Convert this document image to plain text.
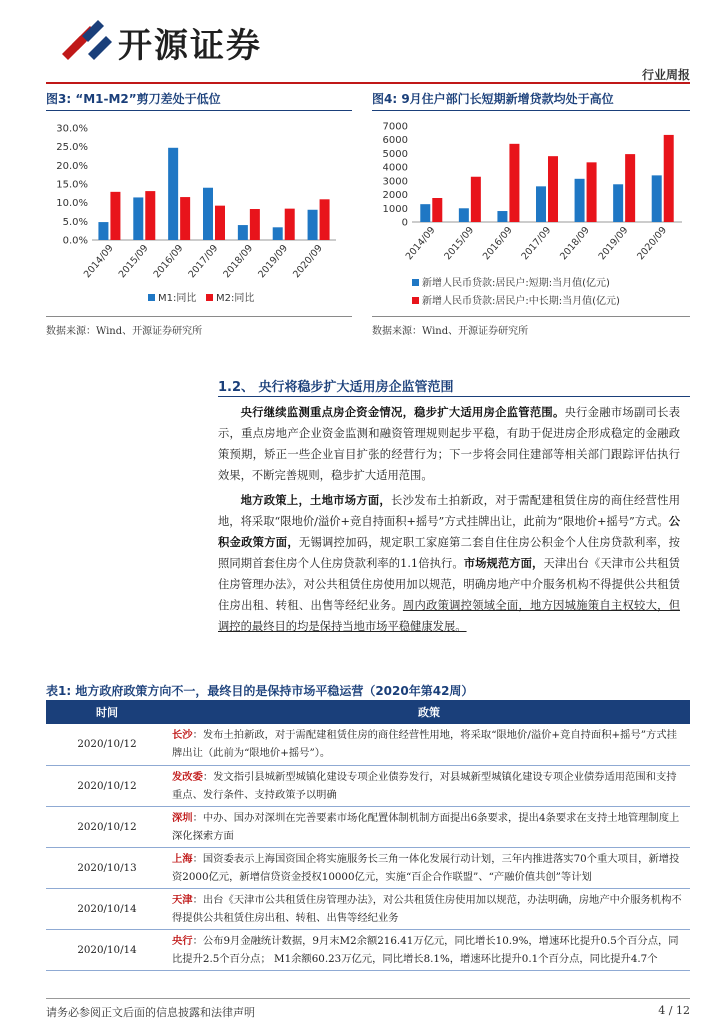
开源证券
行业周报
图3: “M1-M2”剪刀差处于低位
30.0%
25.0%
20.0%
15.0%
10.0%
5.0%
0.0%
2014/09 2015/09 2016/09 2017/09 2018/09 2019/09 2020/09
M1:同比 M2:同比
数据来源：Wind、开源证券研究所
图4: 9月住户部门长短期新增贷款均处于高位
7000
6000
5000
4000
3000
2000
1000
0
2014/09 2015/09 2016/09 2017/09 2018/09 2019/09 2020/09
新增人民币贷款:居民户:短期:当月值(亿元)
新增人民币贷款:居民户:中长期:当月值(亿元)
数据来源：Wind、开源证券研究所
1.2、 央行将稳步扩大适用房企监管范围
央行继续监测重点房企资金情况，稳步扩大适用房企监管范围。央行金融市场副司长表示，重点房地产企业资金监测和融资管理规则起步平稳，有助于促进房企形成稳定的金融政策预期，矫正一些企业盲目扩张的经营行为；下一步将会同住建部等相关部门跟踪评估执行效果，不断完善规则，稳步扩大适用范围。
地方政策上，土地市场方面，长沙发布土拍新政，对于需配建租赁住房的商住经营性用地，将采取“限地价/溢价+竞自持面积+摇号”方式挂牌出让，此前为“限地价+摇号”方式。公积金政策方面，无锡调控加码，规定职工家庭第二套自住住房公积金个人住房贷款利率，按照同期首套住房个人住房贷款利率的1.1倍执行。市场规范方面，天津出台《天津市公共租赁住房管理办法》，对公共租赁住房使用加以规范，明确房地产中介服务机构不得提供公共租赁住房出租、转租、出售等经纪业务。周内政策调控领域全面，地方因城施策自主权较大，但调控的最终目的均是保持当地市场平稳健康发展。
表1: 地方政府政策方向不一，最终目的是保持市场平稳运营（2020年第42周）
时间	政策
2020/10/12	长沙：发布土拍新政，对于需配建租赁住房的商住经营性用地，将采取“限地价/溢价+竞自持面积+摇号”方式挂牌出让（此前为“限地价+摇号”）。
2020/10/12	发改委：发文指引县城新型城镇化建设专项企业债券发行，对县城新型城镇化建设专项企业债券适用范围和支持重点、发行条件、支持政策予以明确
2020/10/12	深圳：中办、国办对深圳在完善要素市场化配置体制机制方面提出6条要求，提出4条要求在支持土地管理制度上深化探索方面
2020/10/13	上海：国资委表示上海国资国企将实施服务长三角一体化发展行动计划，三年内推进落实70个重大项目，新增投资2000亿元，新增信贷资金授权10000亿元，实施“百企合作联盟”、“产融价值共创”等计划
2020/10/14	天津：出台《天津市公共租赁住房管理办法》，对公共租赁住房使用加以规范，办法明确，房地产中介服务机构不得提供公共租赁住房出租、转租、出售等经纪业务
2020/10/14	央行：公布9月金融统计数据，9月末M2余额216.41万亿元，同比增长10.9%，增速环比提升0.5个百分点，同比提升2.5个百分点； M1余额60.23万亿元，同比增长8.1%，增速环比提升0.1个百分点，同比提升4.7个
请务必参阅正文后面的信息披露和法律声明	4 / 12
